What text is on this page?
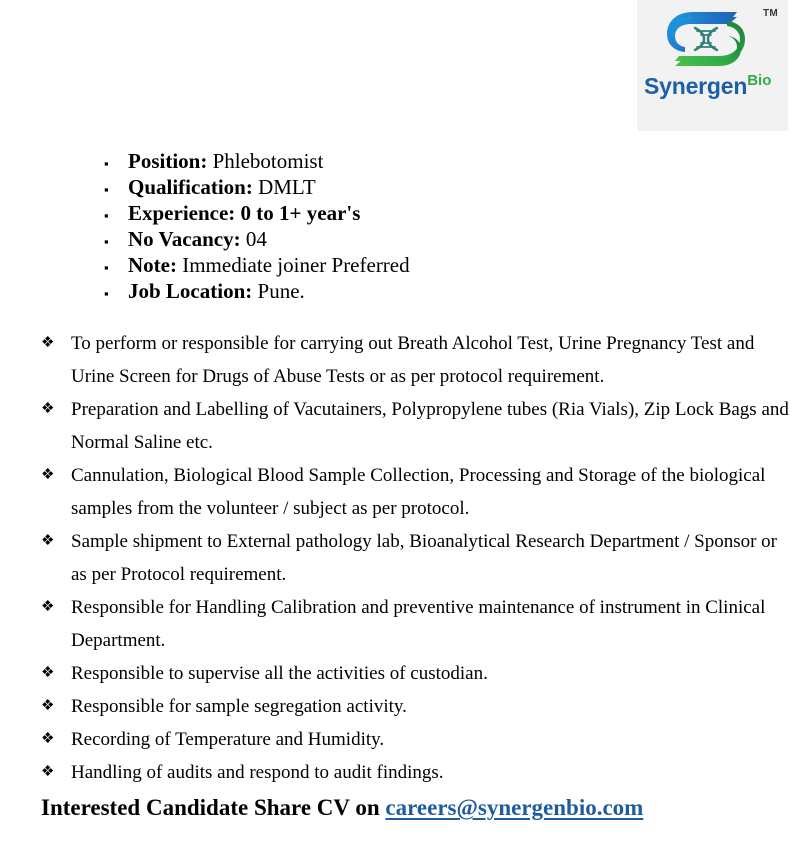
TM
SynergenBio
▪ Position: Phlebotomist
▪ Qualification: DMLT
▪ Experience: 0 to 1+ year's
▪ No Vacancy: 04
▪ Note: Immediate joiner Preferred
▪ Job Location: Pune.
❖ To perform or responsible for carrying out Breath Alcohol Test, Urine Pregnancy Test and Urine Screen for Drugs of Abuse Tests or as per protocol requirement.
❖ Preparation and Labelling of Vacutainers, Polypropylene tubes (Ria Vials), Zip Lock Bags and Normal Saline etc.
❖ Cannulation, Biological Blood Sample Collection, Processing and Storage of the biological samples from the volunteer / subject as per protocol.
❖ Sample shipment to External pathology lab, Bioanalytical Research Department / Sponsor or as per Protocol requirement.
❖ Responsible for Handling Calibration and preventive maintenance of instrument in Clinical Department.
❖ Responsible to supervise all the activities of custodian.
❖ Responsible for sample segregation activity.
❖ Recording of Temperature and Humidity.
❖ Handling of audits and respond to audit findings.
Interested Candidate Share CV on careers@synergenbio.com
